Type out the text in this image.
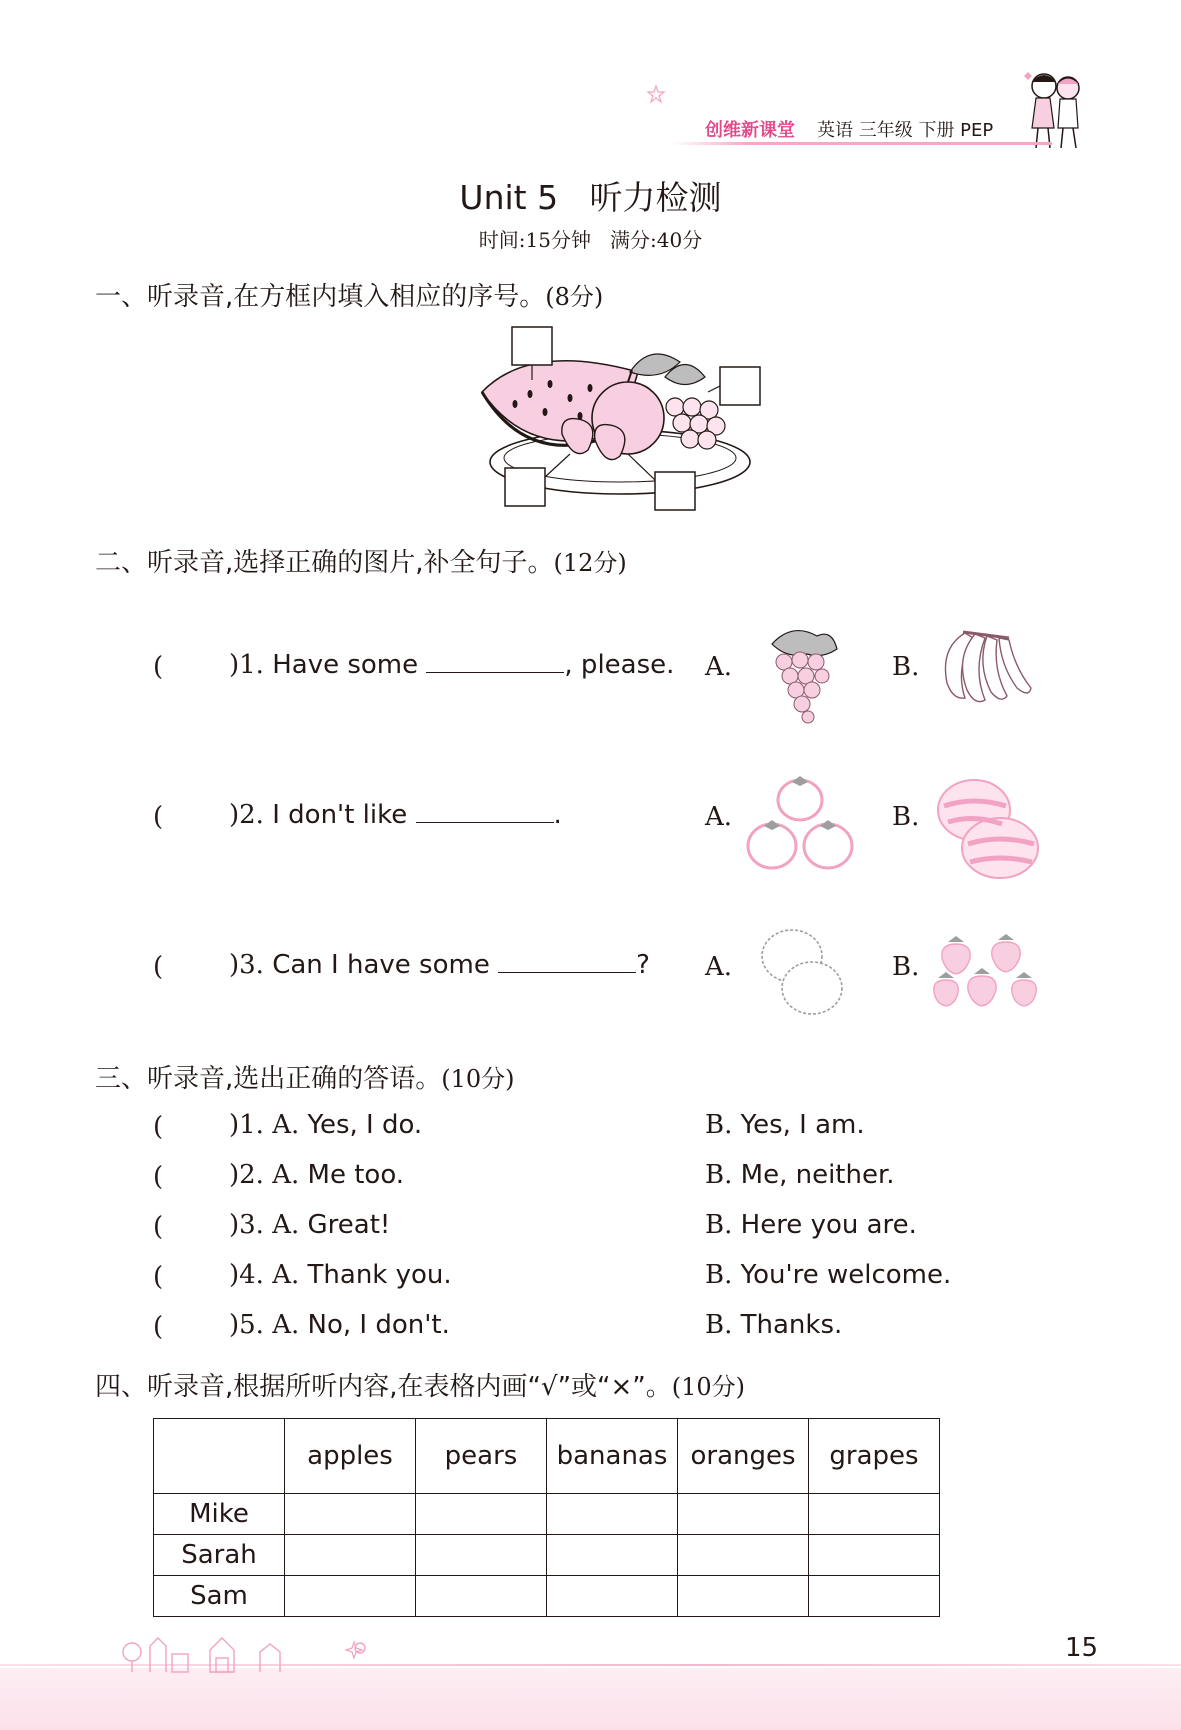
创维新课堂 英语 三年级 下册 PEP
Unit 5   听力检测
时间:15分钟   满分:40分
一、听录音,在方框内填入相应的序号。(8分)
二、听录音,选择正确的图片,补全句子。(12分)
(	)1. Have some	, please. A.	B.
(	)2. I don't like	.	A.	B.
(	)3. Can I have some	? A.	B.
三、听录音,选出正确的答语。(10分)
(	)1. A. Yes, I do.	B. Yes, I am.
(	)2. A. Me too.	B. Me, neither.
(	)3. A. Great!	B. Here you are.
(	)4. A. Thank you.	B. You're welcome.
(	)5. A. No, I don't.	B. Thanks.
四、听录音,根据所听内容,在表格内画“√”或“×”。(10分)
	apples	pears	bananas	oranges	grapes
Mike					
Sarah					
Sam					
15
